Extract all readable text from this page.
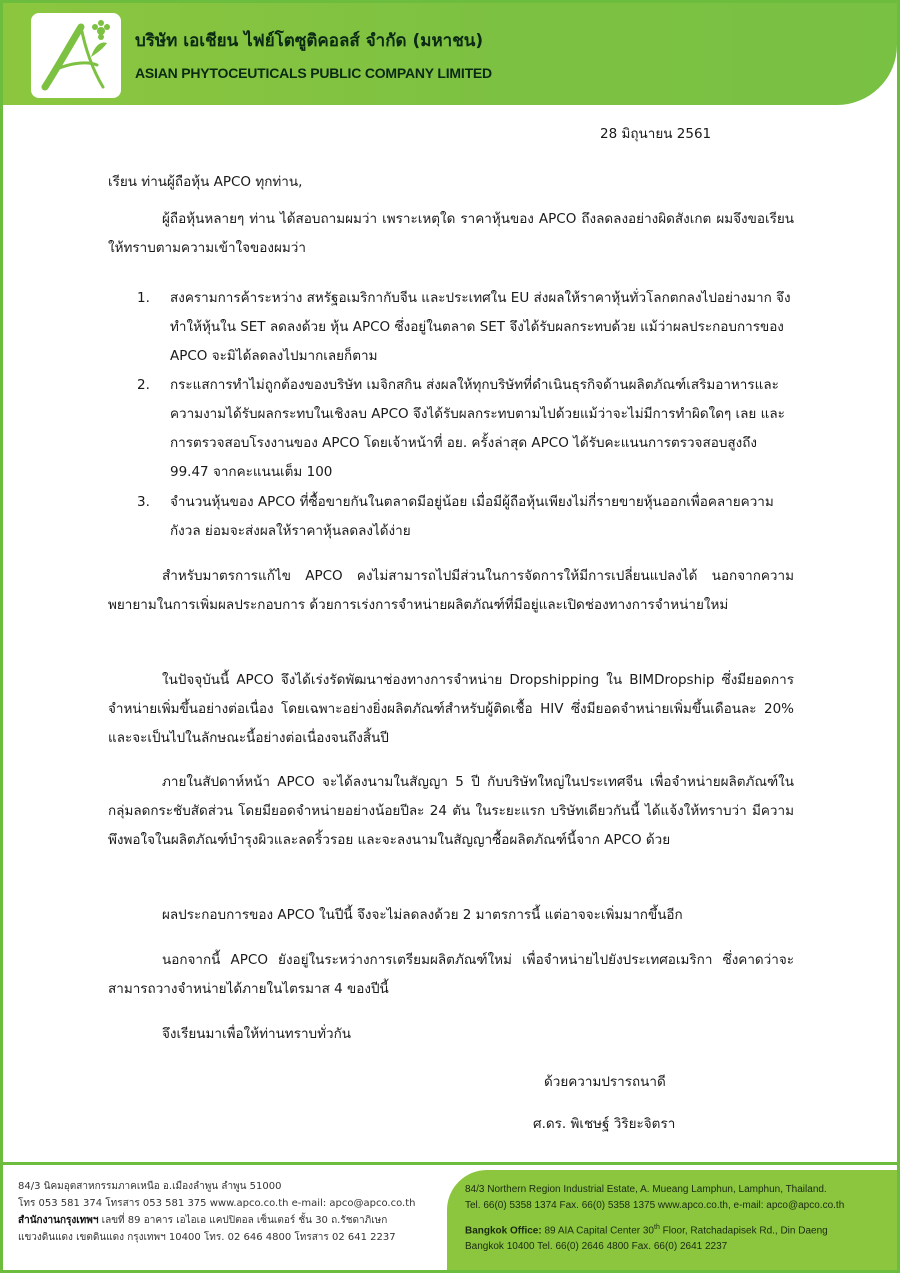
บริษัท เอเชียน ไฟย์โตซูติคอลส์ จำกัด (มหาชน)
ASIAN PHYTOCEUTICALS PUBLIC COMPANY LIMITED
28 มิถุนายน 2561
เรียน ท่านผู้ถือหุ้น APCO ทุกท่าน,
ผู้ถือหุ้นหลายๆ ท่าน ได้สอบถามผมว่า เพราะเหตุใด ราคาหุ้นของ APCO ถึงลดลงอย่างผิดสังเกต ผมจึงขอเรียนให้ทราบตามความเข้าใจของผมว่า
1. สงครามการค้าระหว่าง สหรัฐอเมริกากับจีน และประเทศใน EU ส่งผลให้ราคาหุ้นทั่วโลกตกลงไปอย่างมาก จึงทำให้หุ้นใน SET ลดลงด้วย หุ้น APCO ซึ่งอยู่ในตลาด SET จึงได้รับผลกระทบด้วย แม้ว่าผลประกอบการของ APCO จะมิได้ลดลงไปมากเลยก็ตาม
2. กระแสการทำไม่ถูกต้องของบริษัท เมจิกสกิน ส่งผลให้ทุกบริษัทที่ดำเนินธุรกิจด้านผลิตภัณฑ์เสริมอาหารและความงามได้รับผลกระทบในเชิงลบ APCO จึงได้รับผลกระทบตามไปด้วยแม้ว่าจะไม่มีการทำผิดใดๆ เลย และ การตรวจสอบโรงงานของ APCO โดยเจ้าหน้าที่ อย. ครั้งล่าสุด APCO ได้รับคะแนนการตรวจสอบสูงถึง 99.47 จากคะแนนเต็ม 100
3. จำนวนหุ้นของ APCO ที่ซื้อขายกันในตลาดมีอยู่น้อย เมื่อมีผู้ถือหุ้นเพียงไม่กี่รายขายหุ้นออกเพื่อคลายความกังวล ย่อมจะส่งผลให้ราคาหุ้นลดลงได้ง่าย
สำหรับมาตรการแก้ไข APCO คงไม่สามารถไปมีส่วนในการจัดการให้มีการเปลี่ยนแปลงได้ นอกจากความพยายามในการเพิ่มผลประกอบการ ด้วยการเร่งการจำหน่ายผลิตภัณฑ์ที่มีอยู่และเปิดช่องทางการจำหน่ายใหม่
ในปัจจุบันนี้ APCO จึงได้เร่งรัดพัฒนาช่องทางการจำหน่าย Dropshipping ใน BIMDropship ซึ่งมียอดการจำหน่ายเพิ่มขึ้นอย่างต่อเนื่อง โดยเฉพาะอย่างยิ่งผลิตภัณฑ์สำหรับผู้ติดเชื้อ HIV ซึ่งมียอดจำหน่ายเพิ่มขึ้นเดือนละ 20% และจะเป็นไปในลักษณะนี้อย่างต่อเนื่องจนถึงสิ้นปี
ภายในสัปดาห์หน้า APCO จะได้ลงนามในสัญญา 5 ปี กับบริษัทใหญ่ในประเทศจีน เพื่อจำหน่ายผลิตภัณฑ์ในกลุ่มลดกระชับสัดส่วน โดยมียอดจำหน่ายอย่างน้อยปีละ 24 ตัน ในระยะแรก บริษัทเดียวกันนี้ ได้แจ้งให้ทราบว่า มีความพึงพอใจในผลิตภัณฑ์บำรุงผิวและลดริ้วรอย และจะลงนามในสัญญาซื้อผลิตภัณฑ์นี้จาก APCO ด้วย
ผลประกอบการของ APCO ในปีนี้ จึงจะไม่ลดลงด้วย 2 มาตรการนี้ แต่อาจจะเพิ่มมากขึ้นอีก
นอกจากนี้ APCO ยังอยู่ในระหว่างการเตรียมผลิตภัณฑ์ใหม่ เพื่อจำหน่ายไปยังประเทศอเมริกา ซึ่งคาดว่าจะสามารถวางจำหน่ายได้ภายในไตรมาส 4 ของปีนี้
จึงเรียนมาเพื่อให้ท่านทราบทั่วกัน
ด้วยความปรารถนาดี
ศ.ดร. พิเชษฐ์ วิริยะจิตรา
84/3 นิคมอุตสาหกรรมภาคเหนือ อ.เมืองลำพูน ลำพูน 51000
โทร 053 581 374 โทรสาร 053 581 375 www.apco.co.th e-mail: apco@apco.co.th
สำนักงานกรุงเทพฯ เลขที่ 89 อาคาร เอไอเอ แคปปิตอล เซ็นเตอร์ ชั้น 30 ถ.รัชดาภิเษก
แขวงดินแดง เขตดินแดง กรุงเทพฯ 10400 โทร. 02 646 4800 โทรสาร 02 641 2237
84/3 Northern Region Industrial Estate, A. Mueang Lamphun, Lamphun, Thailand.
Tel. 66(0) 5358 1374 Fax. 66(0) 5358 1375 www.apco.co.th, e-mail: apco@apco.co.th
Bangkok Office: 89 AIA Capital Center 30th Floor, Ratchadapisek Rd., Din Daeng
Bangkok 10400 Tel. 66(0) 2646 4800 Fax. 66(0) 2641 2237
